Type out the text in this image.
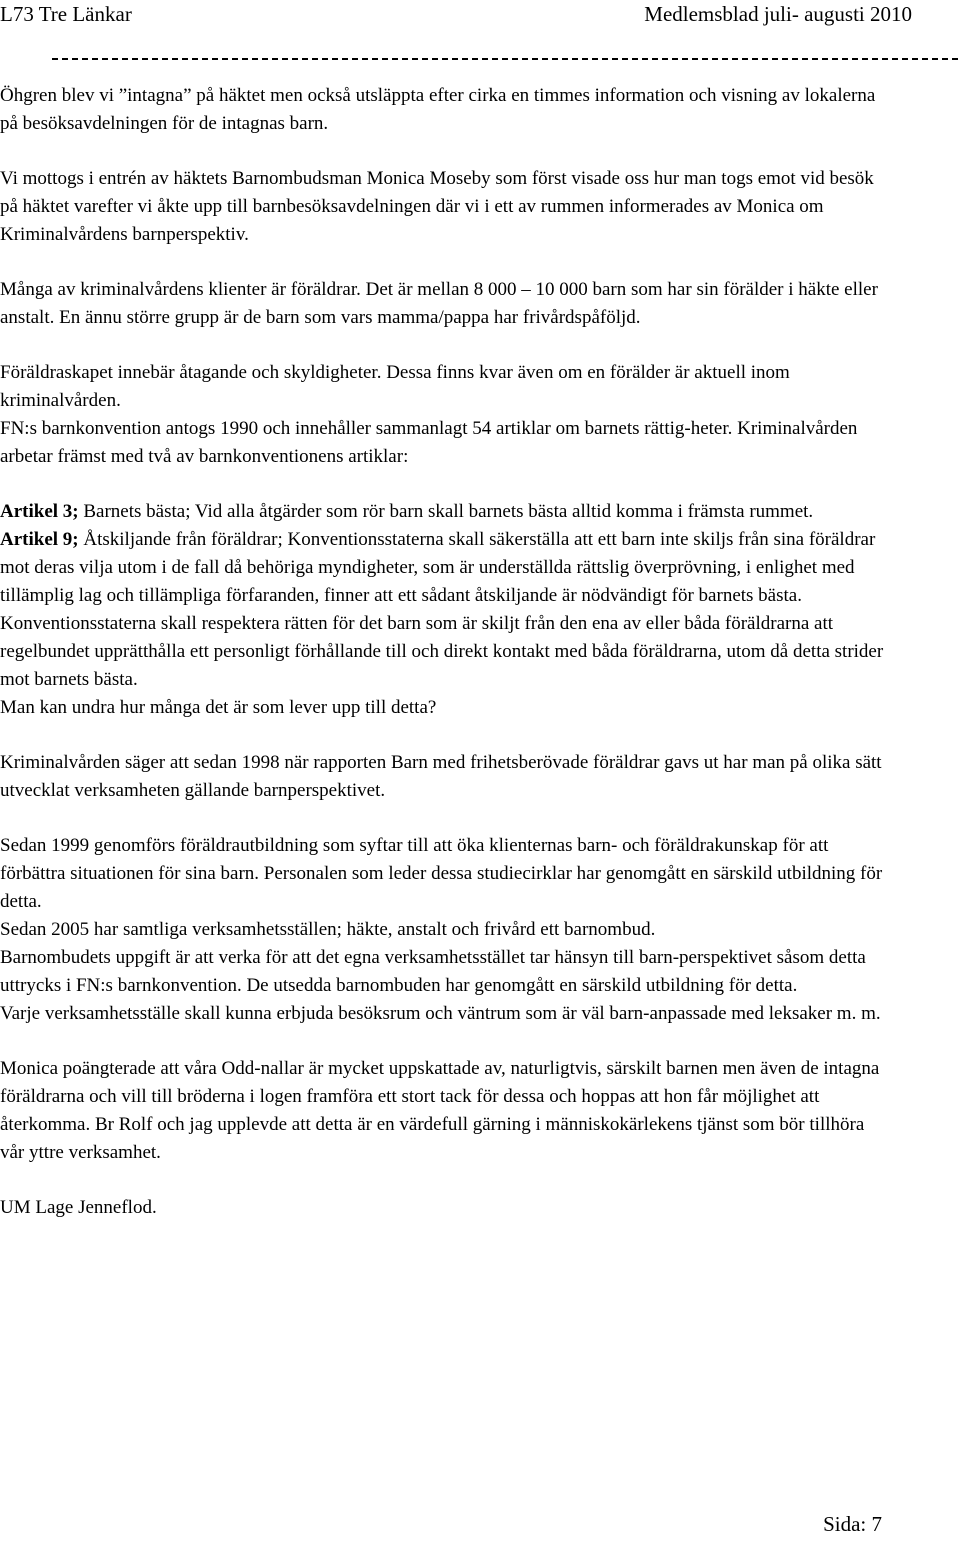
L73 Tre Länkar	Medlemsblad juli- augusti 2010

Öhgren blev vi ”intagna” på häktet men också utsläppta efter cirka en timmes information och visning av lokalerna på besöksavdelningen för de intagnas barn.

Vi mottogs i entrén av häktets Barnombudsman Monica Moseby som först visade oss hur man togs emot vid besök på häktet varefter vi åkte upp till barnbesöksavdelningen där vi i ett av rummen informerades av Monica om Kriminalvårdens barnperspektiv.

Många av kriminalvårdens klienter är föräldrar. Det är mellan 8 000 – 10 000 barn som har sin förälder i häkte eller anstalt. En ännu större grupp är de barn som vars mamma/pappa har frivårdspåföljd.

Föräldraskapet innebär åtagande och skyldigheter. Dessa finns kvar även om en förälder är aktuell inom kriminalvården.

FN:s barnkonvention antogs 1990 och innehåller sammanlagt 54 artiklar om barnets rättig-heter. Kriminalvården arbetar främst med två av barnkonventionens artiklar:

Artikel 3; Barnets bästa; Vid alla åtgärder som rör barn skall barnets bästa alltid komma i främsta rummet.

Artikel 9; Åtskiljande från föräldrar; Konventionsstaterna skall säkerställa att ett barn inte skiljs från sina föräldrar mot deras vilja utom i de fall då behöriga myndigheter, som är underställda rättslig överprövning, i enlighet med tillämplig lag och tillämpliga förfaranden, finner att ett sådant åtskiljande är nödvändigt för barnets bästa.

Konventionsstaterna skall respektera rätten för det barn som är skiljt från den ena av eller båda föräldrarna att regelbundet upprätthålla ett personligt förhållande till och direkt kontakt med båda föräldrarna, utom då detta strider mot barnets bästa.

Man kan undra hur många det är som lever upp till detta?

Kriminalvården säger att sedan 1998 när rapporten Barn med frihetsberövade föräldrar gavs ut har man på olika sätt utvecklat verksamheten gällande barnperspektivet.

Sedan 1999 genomförs föräldrautbildning som syftar till att öka klienternas barn- och föräldrakunskap för att förbättra situationen för sina barn. Personalen som leder dessa studiecirklar har genomgått en särskild utbildning för detta.

Sedan 2005 har samtliga verksamhetsställen; häkte, anstalt och frivård ett barnombud.

Barnombudets uppgift är att verka för att det egna verksamhetsstället tar hänsyn till barn-perspektivet såsom detta uttrycks i FN:s barnkonvention. De utsedda barnombuden har genomgått en särskild utbildning för detta.

Varje verksamhetsställe skall kunna erbjuda besöksrum och väntrum som är väl barn-anpassade med leksaker m. m.

Monica poängterade att våra Odd-nallar är mycket uppskattade av, naturligtvis, särskilt barnen men även de intagna föräldrarna och vill till bröderna i logen framföra ett stort tack för dessa och hoppas att hon får möjlighet att återkomma. Br Rolf och jag upplevde att detta är en värdefull gärning i människokärlekens tjänst som bör tillhöra vår yttre verksamhet.

UM Lage Jenneflod.

Sida: 7
